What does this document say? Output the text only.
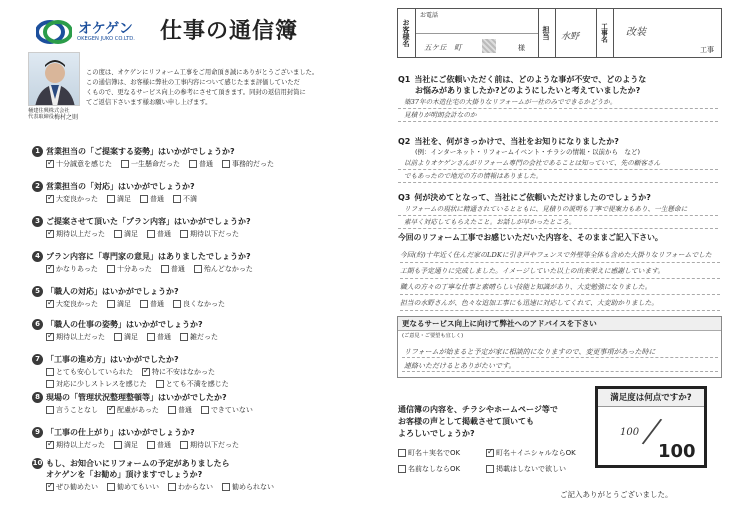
オケゲン
OKEGEN JUKO CO.LTD. 仕事の通信簿
桶建住興株式会社
代表取締役 梅村之則
この度は、オケゲンにリフォーム工事をご用命頂き誠にありがとうございました。
この通信簿は、お客様に弊社の工事内容について感じたまま評価していただ
くもので、更なるサービス向上の参考にさせて頂きます。同封の返信用封筒に
てご返信下さいます様お願い申し上げます。
1 営業担当の「ご提案する姿勢」はいかがでしょうか?
✓
十分誠意を感じた	一生懸命だった	普通	事務的だった
2 営業担当の「対応」はいかがでしょうか?
✓
大変良かった	満足	普通	不満
3 ご提案させて頂いた「プラン内容」はいかがでしょうか?
✓
期待以上だった	満足	普通	期待以下だった
4 プラン内容に「専門家の意見」はありましたでしょうか?
✓
かなりあった	十分あった	普通	殆んどなかった
5 「職人の対応」はいかがでしょうか?
✓
大変良かった	満足	普通	良くなかった
6 「職人の仕事の姿勢」はいかがでしょうか?
✓
期待以上だった	満足	普通	雑だった
7 「工事の進め方」はいかがでしたか?
とても安心していられた ✓	特に不安はなかった
対応に少しストレスを感じた	とても不満を感じた
8 現場の「管理状況整理整頓等」はいかがでしたか?
言うことなし ✓	配慮があった	普通	できていない
9 「工事の仕上がり」はいかがでしょうか?
✓
期待以上だった	満足	普通	期待以下だった
10 もし、お知合いにリフォームの予定がありましたら
オケゲンを「お勧め」頂けますでしょうか?
✓
ぜひ勧めたい	勧めてもいい	わからない	勧められない
お客様名
お電話
五ケ丘　町	様
担当	水野	工事名	改装
工事
Q1 当社にご依頼いただく前は、どのような事が不安で、どのような
お悩みがありましたか?どのようにしたいと考えていましたか?
築37年の木造住宅の大掛りなリフォームが一社のみでできるかどうか。
見積りが明朗会計なのか
Q2 当社を、何がきっかけで、当社をお知りになりましたか?
(例：インターネット・リフォームイベント・チラシの情報・以前から　など)
以前よりオケゲンさんがリフォーム専門の会社であることは知っていて、先の顧客さん
でもあったので地元の方の情報はありました。
Q3 何が決めてとなって、当社にご依頼いただけましたのでしょうか?
リフォームの現状に精通されているとともに、見積りの説明も丁寧で提案力もあり、一生懸命に
素早く対応してもらえたこと。お話しが早かったところ。
今回のリフォーム工事でお感じいただいた内容を、そのままご記入下さい。
今回(約)十年近く住んだ家のLDKに引き戸やフェンスで外壁等全体も含めた大掛りなリフォームでした
工期も予定通りに完成しました。イメージしていた以上の出来栄えに感謝しています。
職人の方々の丁寧な仕事と素晴らしい技能と知識があり、大変勉強になりました。
担当の水野さんが、色々な追加工事にも迅速に対応してくれて、大変助かりました。
更なるサービス向上に向けて弊社へのアドバイスを下さい
(ご意見・ご要望も宜しく)
リフォームが始まると予定が家に相談的になりますので、変更事項があった時に
連絡いただけるとありがたいです。
通信簿の内容を、チラシやホームページ等で
お客様の声として掲載させて頂いても
よろしいでしょうか?
町名＋実名でOK ✓	町名＋イニシャルならOK
名前なしならOK	掲載はしないで欲しい
満足度は何点ですか?
100 /
100
ご記入ありがとうございました。
